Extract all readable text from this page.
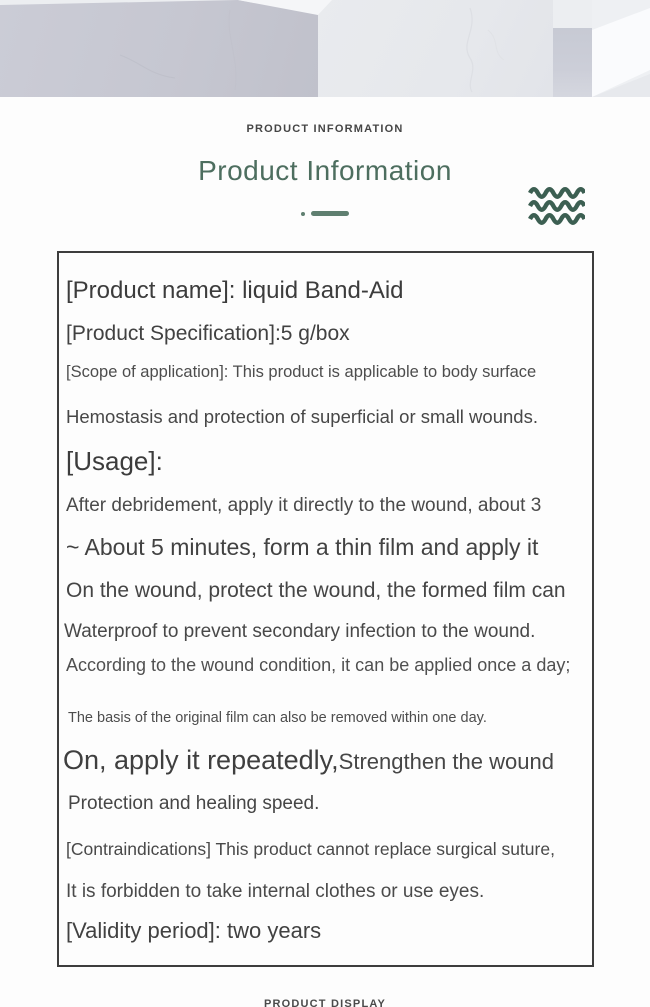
PRODUCT INFORMATION
Product Information
[Product name]: liquid Band-Aid
[Product Specification]:5 g/box
[Scope of application]: This product is applicable to body surface
Hemostasis and protection of superficial or small wounds.
[Usage]:
After debridement, apply it directly to the wound, about 3
~ About 5 minutes, form a thin film and apply it
On the wound, protect the wound, the formed film can
Waterproof to prevent secondary infection to the wound.
According to the wound condition, it can be applied once a day;
The basis of the original film can also be removed within one day.
On, apply it repeatedly,Strengthen the wound
Protection and healing speed.
[Contraindications] This product cannot replace surgical suture,
It is forbidden to take internal clothes or use eyes.
[Validity period]: two years
PRODUCT DISPLAY
